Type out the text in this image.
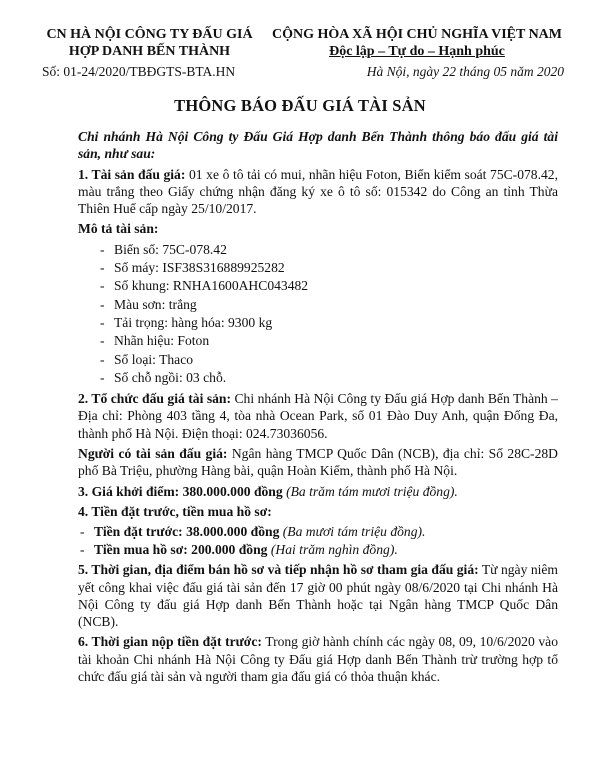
CN HÀ NỘI CÔNG TY ĐẤU GIÁ
HỢP DANH BẾN THÀNH
Số: 01-24/2020/TBĐGTS-BTA.HN
CỘNG HÒA XÃ HỘI CHỦ NGHĨA VIỆT NAM
Độc lập – Tự do – Hạnh phúc
Hà Nội, ngày 22 tháng 05 năm 2020
THÔNG BÁO ĐẤU GIÁ TÀI SẢN

Chi nhánh Hà Nội Công ty Đấu Giá Hợp danh Bến Thành thông báo đấu giá tài sản, như sau:

1. Tài sản đấu giá: 01 xe ô tô tải có mui, nhãn hiệu Foton, Biển kiểm soát 75C-078.42, màu trắng theo Giấy chứng nhận đăng ký xe ô tô số: 015342 do Công an tỉnh Thừa Thiên Huế cấp ngày 25/10/2017.

Mô tả tài sản:

- Biển số: 75C-078.42
- Số máy: ISF38S316889925282
- Số khung: RNHA1600AHC043482
- Màu sơn: trắng
- Tải trọng: hàng hóa: 9300 kg
- Nhãn hiệu: Foton
- Số loại: Thaco
- Số chỗ ngồi: 03 chỗ.

2. Tổ chức đấu giá tài sản: Chi nhánh Hà Nội Công ty Đấu giá Hợp danh Bến Thành – Địa chỉ: Phòng 403 tầng 4, tòa nhà Ocean Park, số 01 Đào Duy Anh, quận Đống Đa, thành phố Hà Nội. Điện thoại: 024.73036056.

Người có tài sản đấu giá: Ngân hàng TMCP Quốc Dân (NCB), địa chỉ: Số 28C-28D phố Bà Triệu, phường Hàng bài, quận Hoàn Kiếm, thành phố Hà Nội.

3. Giá khởi điểm: 380.000.000 đồng (Ba trăm tám mươi triệu đồng).

4. Tiền đặt trước, tiền mua hồ sơ:

- Tiền đặt trước: 38.000.000 đồng (Ba mươi tám triệu đồng).
- Tiền mua hồ sơ: 200.000 đồng (Hai trăm nghìn đồng).

5. Thời gian, địa điểm bán hồ sơ và tiếp nhận hồ sơ tham gia đấu giá: Từ ngày niêm yết công khai việc đấu giá tài sản đến 17 giờ 00 phút ngày 08/6/2020 tại Chi nhánh Hà Nội Công ty đấu giá Hợp danh Bến Thành hoặc tại Ngân hàng TMCP Quốc Dân (NCB).

6. Thời gian nộp tiền đặt trước: Trong giờ hành chính các ngày 08, 09, 10/6/2020 vào tài khoản Chi nhánh Hà Nội Công ty Đấu giá Hợp danh Bến Thành trừ trường hợp tổ chức đấu giá tài sản và người tham gia đấu giá có thỏa thuận khác.
